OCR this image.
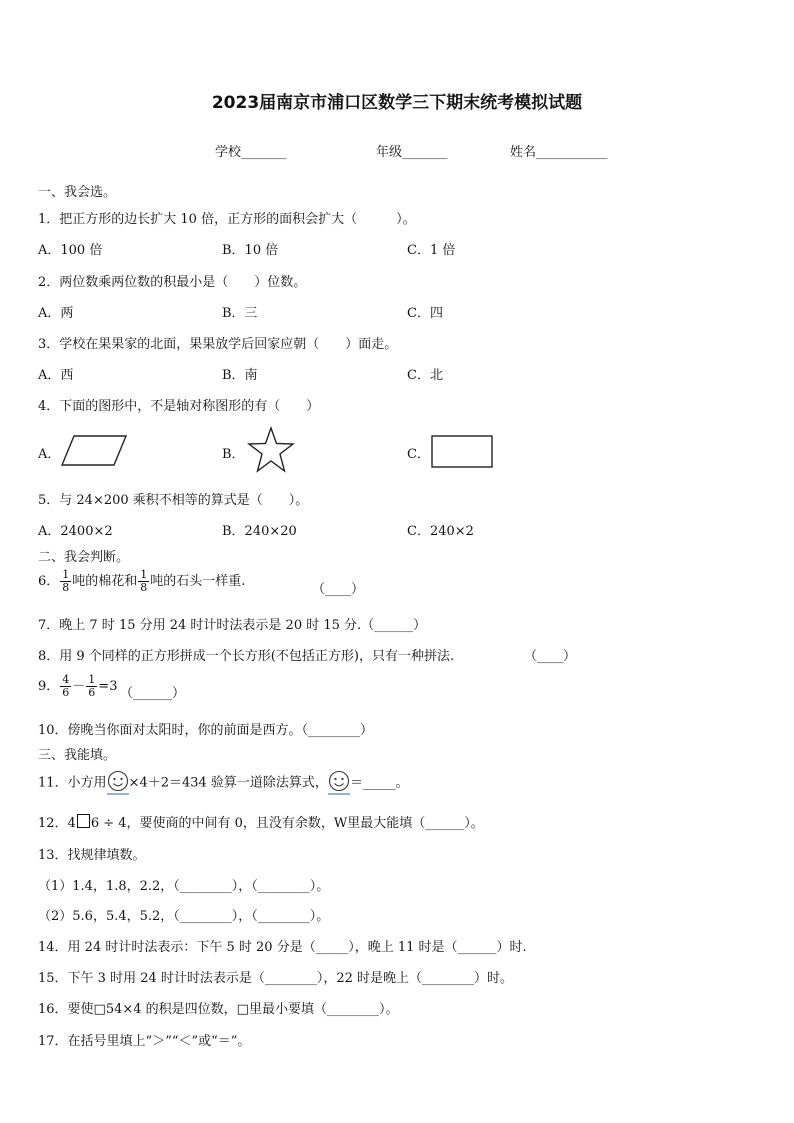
2023届南京市浦口区数学三下期末统考模拟试题
学校_______	年级_______	姓名___________
一、我会选。
1．把正方形的边长扩大 10 倍，正方形的面积会扩大（　　　）。
A．100 倍	B．10 倍	C．1 倍
2．两位数乘两位数的积最小是（　　）位数。
A．两	B．三	C．四
3．学校在果果家的北面，果果放学后回家应朝（　　）面走。
A．西	B．南	C．北
4．下面的图形中，不是轴对称图形的有（　　）
A．	B．	C．
5．与 24×200 乘积不相等的算式是（　　）。
A．2400×2	B．240×20	C．240×2
二、我会判断。
6． $\frac{1}{8}$ 吨的棉花和 $\frac{1}{8}$ 吨的石头一样重.
（____）
7．晚上 7 时 15 分用 24 时计时法表示是 20 时 15 分.（______）
8．用 9 个同样的正方形拼成一个长方形(不包括正方形)，只有一种拼法.	（____）
9． $\frac{4}{6} - \frac{1}{6} =3$ （______）
10．傍晚当你面对太阳时，你的前面是西方。（________）
三、我能填。
11．小方用 ×4＋2＝434 验算一道除法算式， ＝_____。
12．4 6 ÷ 4，要使商的中间有 0，且没有余数，W里最大能填（______）。
13．找规律填数。
（1）1.4，1.8，2.2，（________），（________）。
（2）5.6，5.4，5.2，（________），（________）。
14．用 24 时计时法表示：下午 5 时 20 分是（_____），晚上 11 时是（______）时.
15．下午 3 时用 24 时计时法表示是（________），22 时是晚上（________）时。
16．要使□54×4 的积是四位数，□里最小要填（________）。
17．在括号里填上“＞”“＜”或“＝”。
